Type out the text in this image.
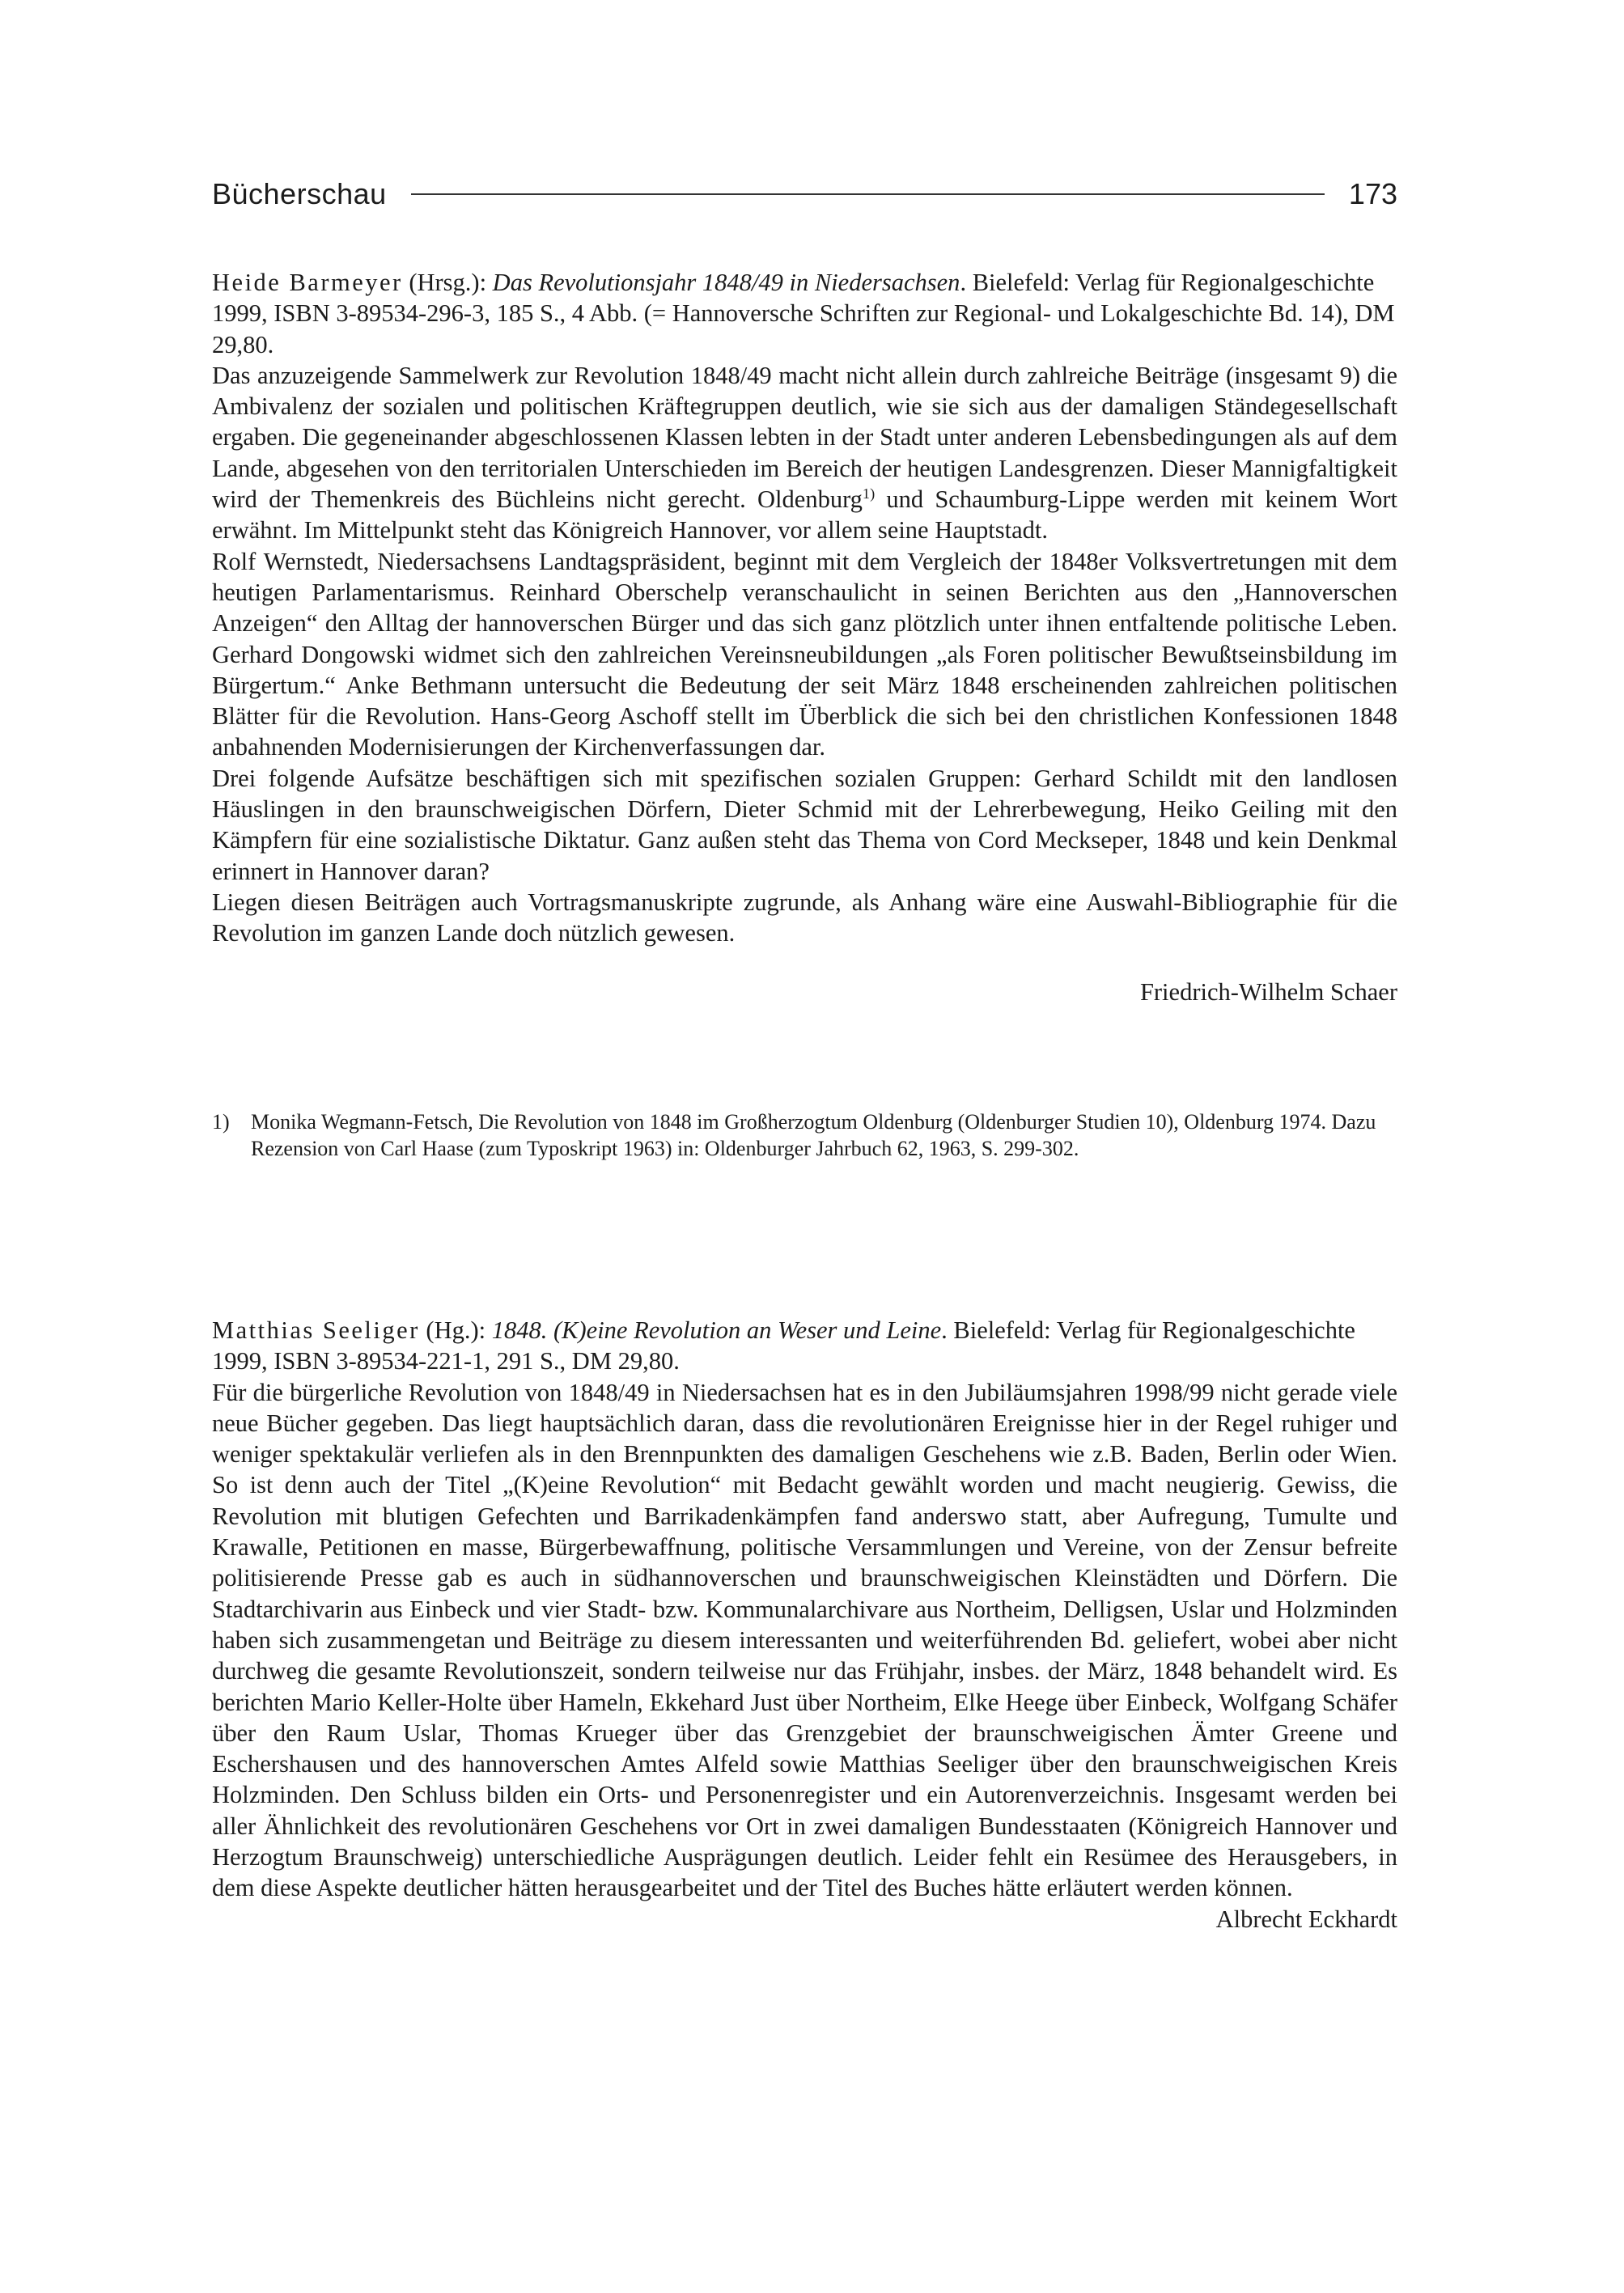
Bücherschau	173

Heide Barmeyer (Hrsg.): Das Revolutionsjahr 1848/49 in Niedersachsen. Bielefeld: Verlag für Regionalgeschichte 1999, ISBN 3-89534-296-3, 185 S., 4 Abb. (= Hannoversche Schriften zur Regional- und Lokalgeschichte Bd. 14), DM 29,80.

Das anzuzeigende Sammelwerk zur Revolution 1848/49 macht nicht allein durch zahlreiche Beiträge (insgesamt 9) die Ambivalenz der sozialen und politischen Kräftegruppen deutlich, wie sie sich aus der damaligen Ständegesellschaft ergaben. Die gegeneinander abgeschlossenen Klassen lebten in der Stadt unter anderen Lebensbedingungen als auf dem Lande, abgesehen von den territorialen Unterschieden im Bereich der heutigen Landesgrenzen. Dieser Mannigfaltigkeit wird der Themenkreis des Büchleins nicht gerecht. Oldenburg$^{1)}$ und Schaumburg-Lippe werden mit keinem Wort erwähnt. Im Mittelpunkt steht das Königreich Hannover, vor allem seine Hauptstadt.

Rolf Wernstedt, Niedersachsens Landtagspräsident, beginnt mit dem Vergleich der 1848er Volksvertretungen mit dem heutigen Parlamentarismus. Reinhard Oberschelp veranschaulicht in seinen Berichten aus den „Hannoverschen Anzeigen“ den Alltag der hannoverschen Bürger und das sich ganz plötzlich unter ihnen entfaltende politische Leben. Gerhard Dongowski widmet sich den zahlreichen Vereinsneubildungen „als Foren politischer Bewußtseinsbildung im Bürgertum.“ Anke Bethmann untersucht die Bedeutung der seit März 1848 erscheinenden zahlreichen politischen Blätter für die Revolution. Hans-Georg Aschoff stellt im Überblick die sich bei den christlichen Konfessionen 1848 anbahnenden Modernisierungen der Kirchenverfassungen dar.

Drei folgende Aufsätze beschäftigen sich mit spezifischen sozialen Gruppen: Gerhard Schildt mit den landlosen Häuslingen in den braunschweigischen Dörfern, Dieter Schmid mit der Lehrerbewegung, Heiko Geiling mit den Kämpfern für eine sozialistische Diktatur. Ganz außen steht das Thema von Cord Meckseper, 1848 und kein Denkmal erinnert in Hannover daran?

Liegen diesen Beiträgen auch Vortragsmanuskripte zugrunde, als Anhang wäre eine Auswahl-Bibliographie für die Revolution im ganzen Lande doch nützlich gewesen.

Friedrich-Wilhelm Schaer

1)	Monika Wegmann-Fetsch, Die Revolution von 1848 im Großherzogtum Oldenburg (Oldenburger Studien 10), Oldenburg 1974. Dazu Rezension von Carl Haase (zum Typoskript 1963) in: Oldenburger Jahrbuch 62, 1963, S. 299-302.

Matthias Seeliger (Hg.): 1848. (K)eine Revolution an Weser und Leine. Bielefeld: Verlag für Regionalgeschichte 1999, ISBN 3-89534-221-1, 291 S., DM 29,80.

Für die bürgerliche Revolution von 1848/49 in Niedersachsen hat es in den Jubiläumsjahren 1998/99 nicht gerade viele neue Bücher gegeben. Das liegt hauptsächlich daran, dass die revolutionären Ereignisse hier in der Regel ruhiger und weniger spektakulär verliefen als in den Brennpunkten des damaligen Geschehens wie z.B. Baden, Berlin oder Wien. So ist denn auch der Titel „(K)eine Revolution“ mit Bedacht gewählt worden und macht neugierig. Gewiss, die Revolution mit blutigen Gefechten und Barrikadenkämpfen fand anderswo statt, aber Aufregung, Tumulte und Krawalle, Petitionen en masse, Bürgerbewaffnung, politische Versammlungen und Vereine, von der Zensur befreite politisierende Presse gab es auch in südhannoverschen und braunschweigischen Kleinstädten und Dörfern. Die Stadtarchivarin aus Einbeck und vier Stadt- bzw. Kommunalarchivare aus Northeim, Delligsen, Uslar und Holzminden haben sich zusammengetan und Beiträge zu diesem interessanten und weiterführenden Bd. geliefert, wobei aber nicht durchweg die gesamte Revolutionszeit, sondern teilweise nur das Frühjahr, insbes. der März, 1848 behandelt wird. Es berichten Mario Keller-Holte über Hameln, Ekkehard Just über Northeim, Elke Heege über Einbeck, Wolfgang Schäfer über den Raum Uslar, Thomas Krueger über das Grenzgebiet der braunschweigischen Ämter Greene und Eschershausen und des hannoverschen Amtes Alfeld sowie Matthias Seeliger über den braunschweigischen Kreis Holzminden. Den Schluss bilden ein Orts- und Personenregister und ein Autorenverzeichnis. Insgesamt werden bei aller Ähnlichkeit des revolutionären Geschehens vor Ort in zwei damaligen Bundesstaaten (Königreich Hannover und Herzogtum Braunschweig) unterschiedliche Ausprägungen deutlich. Leider fehlt ein Resümee des Herausgebers, in dem diese Aspekte deutlicher hätten herausgearbeitet und der Titel des Buches hätte erläutert werden können.

Albrecht Eckhardt
